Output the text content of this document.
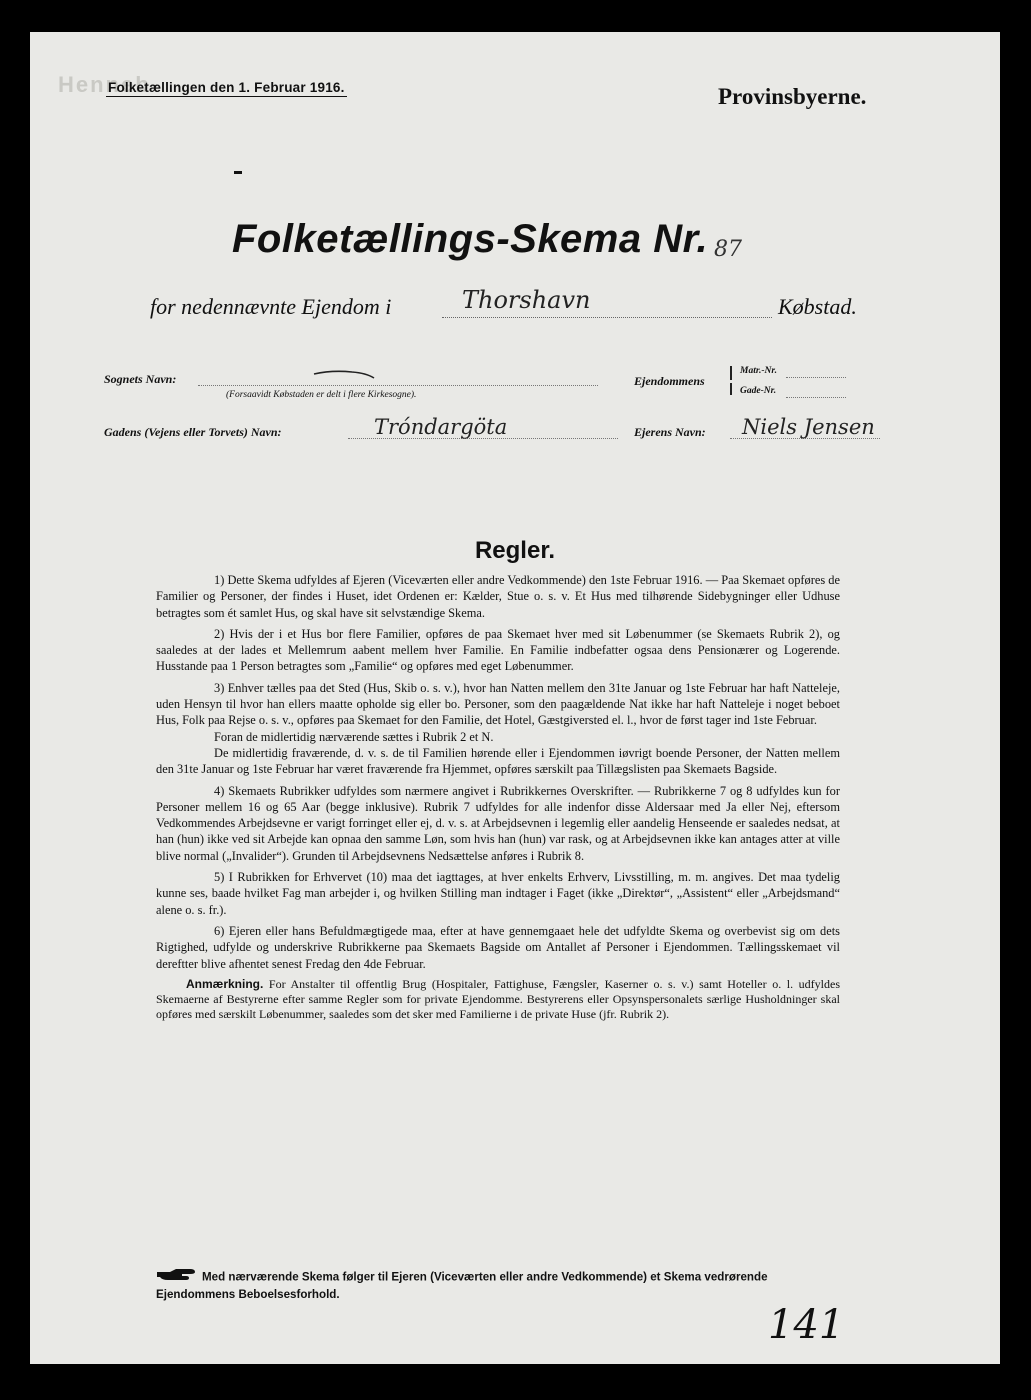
Henneb
Folketællingen den 1. Februar 1916.	Provinsbyerne.
Folketællings-Skema Nr. 87
for nedennævnte Ejendom i	Thorshavn	Købstad.
Sognets Navn:
(Forsaavidt Købstaden er delt i flere Kirkesogne).
Ejendommens
Matr.-Nr.
Gade-Nr.
Gadens (Vejens eller Torvets) Navn:	Tróndargöta	Ejerens Navn: Niels Jensen
Regler.

1) Dette Skema udfyldes af Ejeren (Viceværten eller andre Vedkommende) den 1ste Februar 1916. — Paa Skemaet opføres de Familier og Personer, der findes i Huset, idet Ordenen er: Kælder, Stue o. s. v. Et Hus med tilhørende Sidebygninger eller Udhuse betragtes som ét samlet Hus, og skal have sit selvstændige Skema.

2) Hvis der i et Hus bor flere Familier, opføres de paa Skemaet hver med sit Løbenummer (se Skemaets Rubrik 2), og saaledes at der lades et Mellemrum aabent mellem hver Familie. En Familie indbefatter ogsaa dens Pensionærer og Logerende. Husstande paa 1 Person betragtes som „Familie“ og opføres med eget Løbenummer.

3) Enhver tælles paa det Sted (Hus, Skib o. s. v.), hvor han Natten mellem den 31te Januar og 1ste Februar har haft Natteleje, uden Hensyn til hvor han ellers maatte opholde sig eller bo. Personer, som den paagældende Nat ikke har haft Natteleje i noget beboet Hus, Folk paa Rejse o. s. v., opføres paa Skemaet for den Familie, det Hotel, Gæstgiversted el. l., hvor de først tager ind 1ste Februar.

Foran de midlertidig nærværende sættes i Rubrik 2 et N.

De midlertidig fraværende, d. v. s. de til Familien hørende eller i Ejendommen iøvrigt boende Personer, der Natten mellem den 31te Januar og 1ste Februar har været fraværende fra Hjemmet, opføres særskilt paa Tillægslisten paa Skemaets Bagside.

4) Skemaets Rubrikker udfyldes som nærmere angivet i Rubrikkernes Overskrifter. — Rubrikkerne 7 og 8 udfyldes kun for Personer mellem 16 og 65 Aar (begge inklusive). Rubrik 7 udfyldes for alle indenfor disse Aldersaar med Ja eller Nej, eftersom Vedkommendes Arbejdsevne er varigt forringet eller ej, d. v. s. at Arbejdsevnen i legemlig eller aandelig Henseende er saaledes nedsat, at han (hun) ikke ved sit Arbejde kan opnaa den samme Løn, som hvis han (hun) var rask, og at Arbejdsevnen ikke kan antages atter at ville blive normal („Invalider“). Grunden til Arbejdsevnens Nedsættelse anføres i Rubrik 8.

5) I Rubrikken for Erhvervet (10) maa det iagttages, at hver enkelts Erhverv, Livsstilling, m. m. angives. Det maa tydelig kunne ses, baade hvilket Fag man arbejder i, og hvilken Stilling man indtager i Faget (ikke „Direktør“, „Assistent“ eller „Arbejdsmand“ alene o. s. fr.).

6) Ejeren eller hans Befuldmægtigede maa, efter at have gennemgaaet hele det udfyldte Skema og overbevist sig om dets Rigtighed, udfylde og underskrive Rubrikkerne paa Skemaets Bagside om Antallet af Personer i Ejendommen. Tællingsskemaet vil dereftter blive afhentet senest Fredag den 4de Februar.

Anmærkning. For Anstalter til offentlig Brug (Hospitaler, Fattighuse, Fængsler, Kaserner o. s. v.) samt Hoteller o. l. udfyldes Skemaerne af Bestyrerne efter samme Regler som for private Ejendomme. Bestyrerens eller Opsynspersonalets særlige Husholdninger skal opføres med særskilt Løbenummer, saaledes som det sker med Familierne i de private Huse (jfr. Rubrik 2).

Med nærværende Skema følger til Ejeren (Viceværten eller andre Vedkommende) et Skema vedrørende Ejendommens Beboelsesforhold.
141
